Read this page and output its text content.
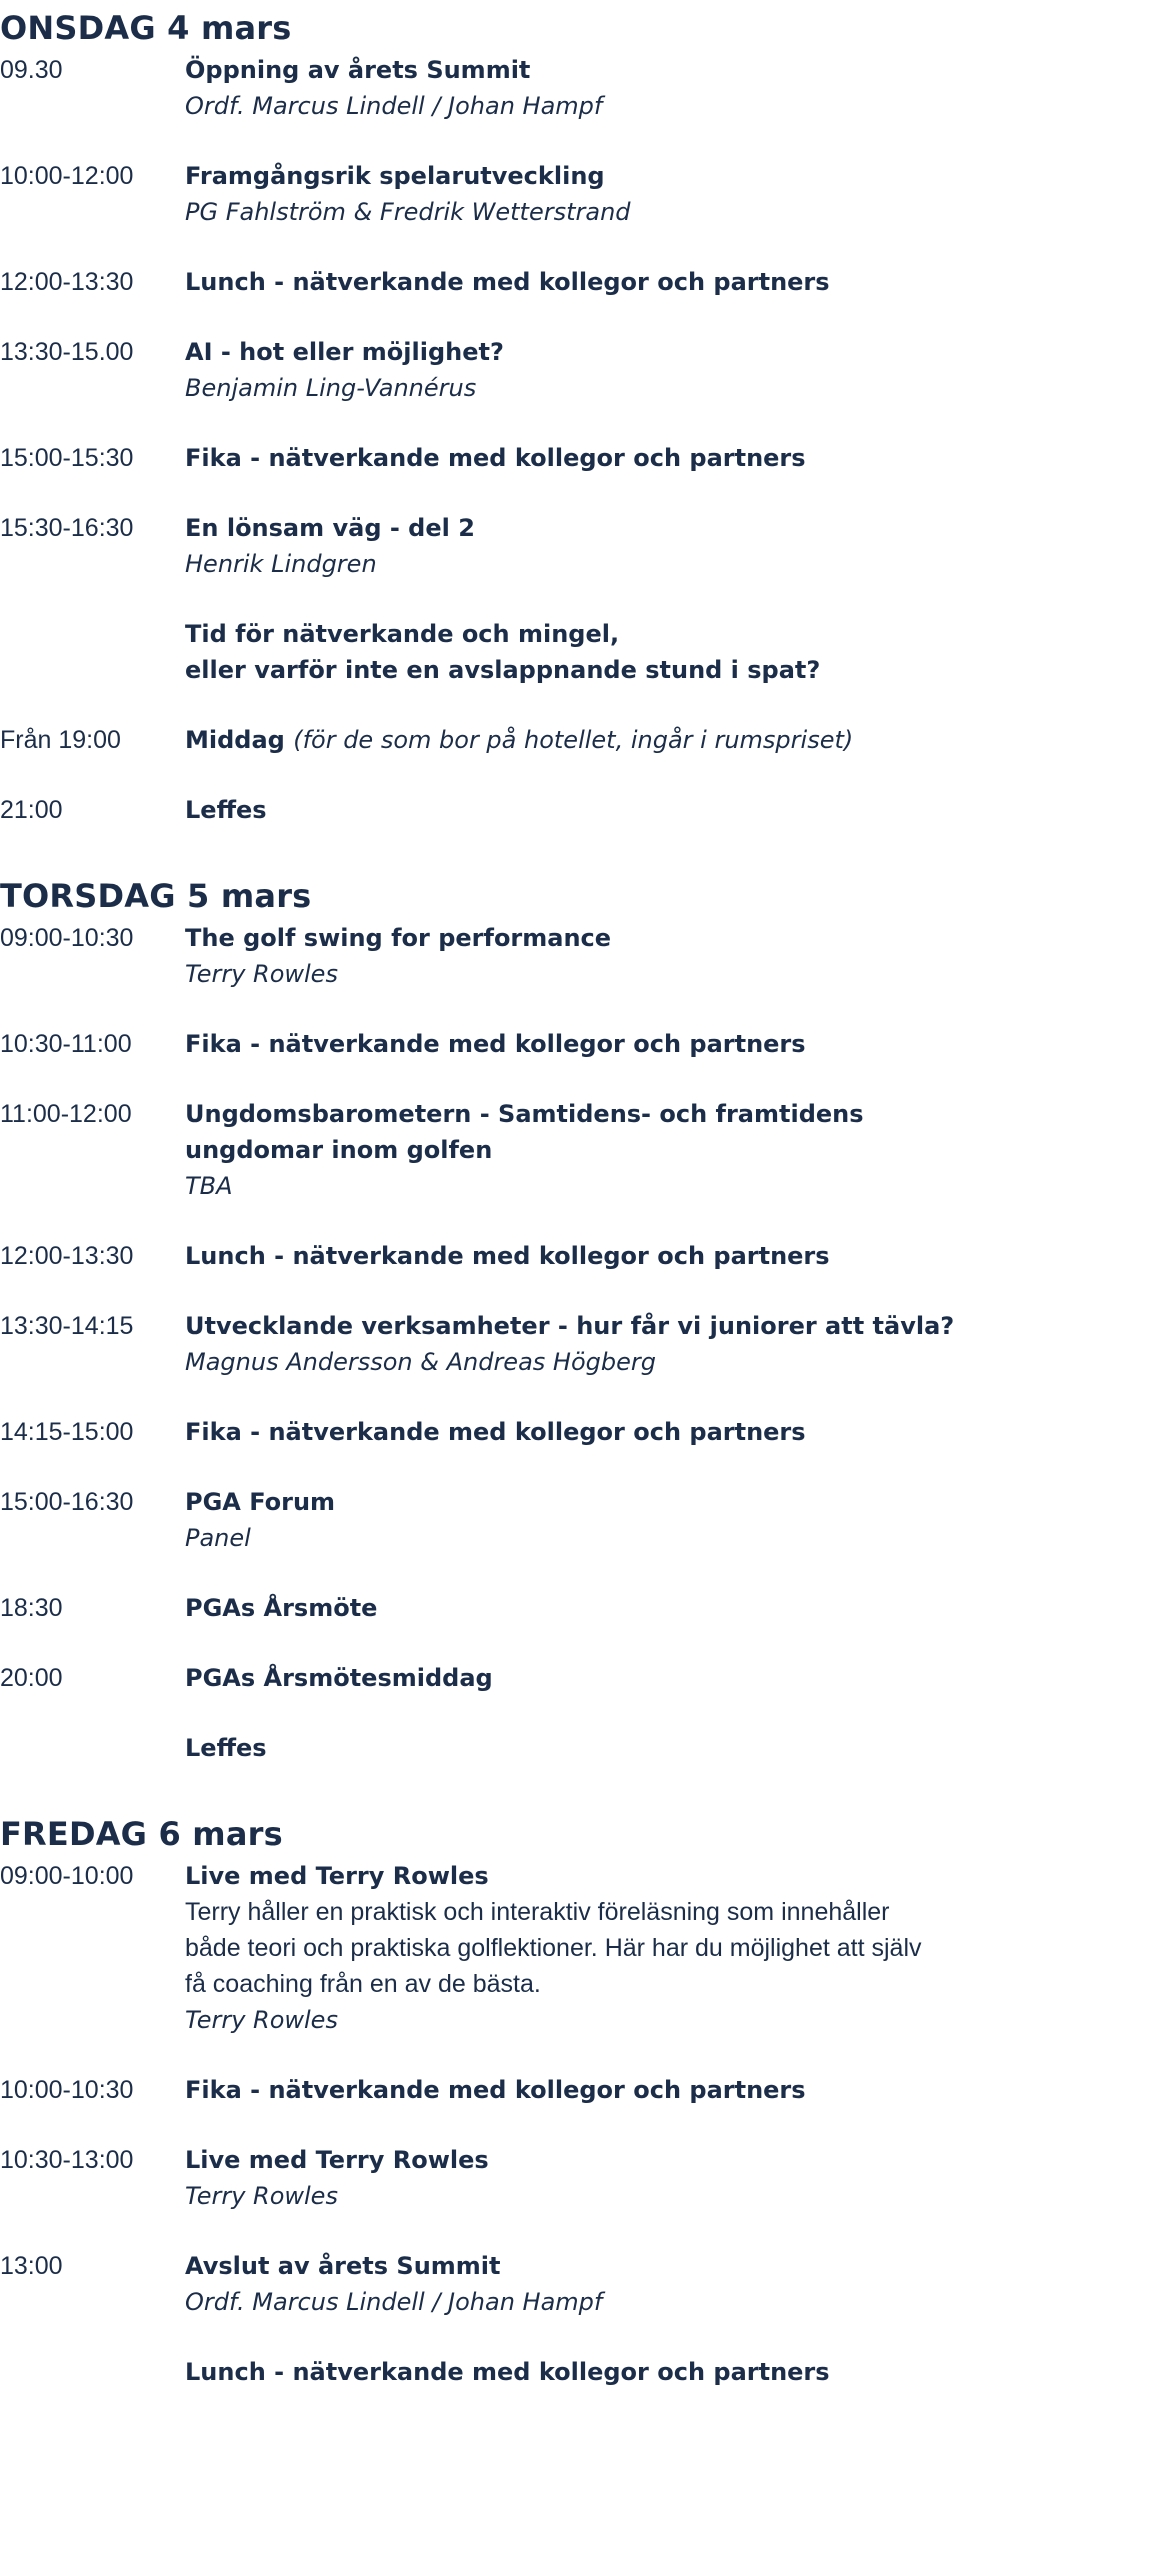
ONSDAG 4 mars
09.30	Öppning av årets Summit
Ordf. Marcus Lindell / Johan Hampf
10:00-12:00	Framgångsrik spelarutveckling
PG Fahlström & Fredrik Wetterstrand
12:00-13:30	Lunch - nätverkande med kollegor och partners
13:30-15.00	AI - hot eller möjlighet?
Benjamin Ling-Vannérus
15:00-15:30	Fika - nätverkande med kollegor och partners
15:30-16:30	En lönsam väg - del 2
Henrik Lindgren
Tid för nätverkande och mingel,
eller varför inte en avslappnande stund i spat?
Från 19:00	Middag (för de som bor på hotellet, ingår i rumspriset)
21:00	Leffes
TORSDAG 5 mars
09:00-10:30	The golf swing for performance
Terry Rowles
10:30-11:00	Fika - nätverkande med kollegor och partners
11:00-12:00	Ungdomsbarometern - Samtidens- och framtidens
ungdomar inom golfen
TBA
12:00-13:30	Lunch - nätverkande med kollegor och partners
13:30-14:15	Utvecklande verksamheter - hur får vi juniorer att tävla?
Magnus Andersson & Andreas Högberg
14:15-15:00	Fika - nätverkande med kollegor och partners
15:00-16:30	PGA Forum
Panel
18:30	PGAs Årsmöte
20:00	PGAs Årsmötesmiddag
Leffes
FREDAG 6 mars
09:00-10:00	Live med Terry Rowles
Terry håller en praktisk och interaktiv föreläsning som innehåller
både teori och praktiska golflektioner. Här har du möjlighet att själv
få coaching från en av de bästa.
Terry Rowles
10:00-10:30	Fika - nätverkande med kollegor och partners
10:30-13:00	Live med Terry Rowles
Terry Rowles
13:00	Avslut av årets Summit
Ordf. Marcus Lindell / Johan Hampf
Lunch - nätverkande med kollegor och partners
